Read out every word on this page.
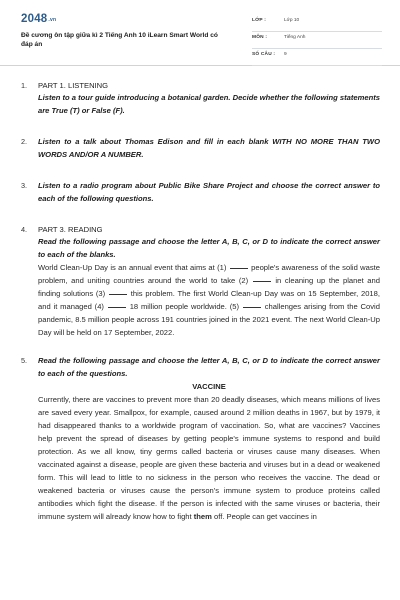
$2048^{.vn}$
Đề cương ôn tập giữa kì 2 Tiếng Anh 10 iLearn Smart World có đáp án
LỚP :	Lớp 10
MÔN :	Tiếng Anh
SỐ CÂU : 9
1. PART 1. LISTENING
Listen to a tour guide introducing a botanical garden. Decide whether the following statements are True (T) or False (F).
2. Listen to a talk about Thomas Edison and fill in each blank WITH NO MORE THAN TWO WORDS AND/OR A NUMBER.
3. Listen to a radio program about Public Bike Share Project and choose the correct answer to each of the following questions.
4. PART 3. READING
Read the following passage and choose the letter A, B, C, or D to indicate the correct answer to each of the blanks.
World Clean-Up Day is an annual event that aims at (1)	people's awareness of the solid waste problem, and uniting countries around the world to take (2)	in cleaning up the planet and finding solutions (3)	this problem. The first World Clean-up Day was on 15 September, 2018, and it managed (4)	18 million people worldwide. (5)	challenges arising from the Covid pandemic, 8.5 million people across 191 countries joined in the 2021 event. The next World Clean-Up Day will be held on 17 September, 2022.
5. Read the following passage and choose the letter A, B, C, or D to indicate the correct answer to each of the questions.
VACCINE
Currently, there are vaccines to prevent more than 20 deadly diseases, which means millions of lives are saved every year. Smallpox, for example, caused around 2 million deaths in 1967, but by 1979, it had disappeared thanks to a worldwide program of vaccination. So, what are vaccines? Vaccines help prevent the spread of diseases by getting people's immune systems to respond and build protection. As we all know, tiny germs called bacteria or viruses cause many diseases. When vaccinated against a disease, people are given these bacteria and viruses but in a dead or weakened form. This will lead to little to no sickness in the person who receives the vaccine. The dead or weakened bacteria or viruses cause the person's immune system to produce proteins called antibodies which fight the disease. If the person is infected with the same viruses or bacteria, their immune system will already know how to fight them off. People can get vaccines in
